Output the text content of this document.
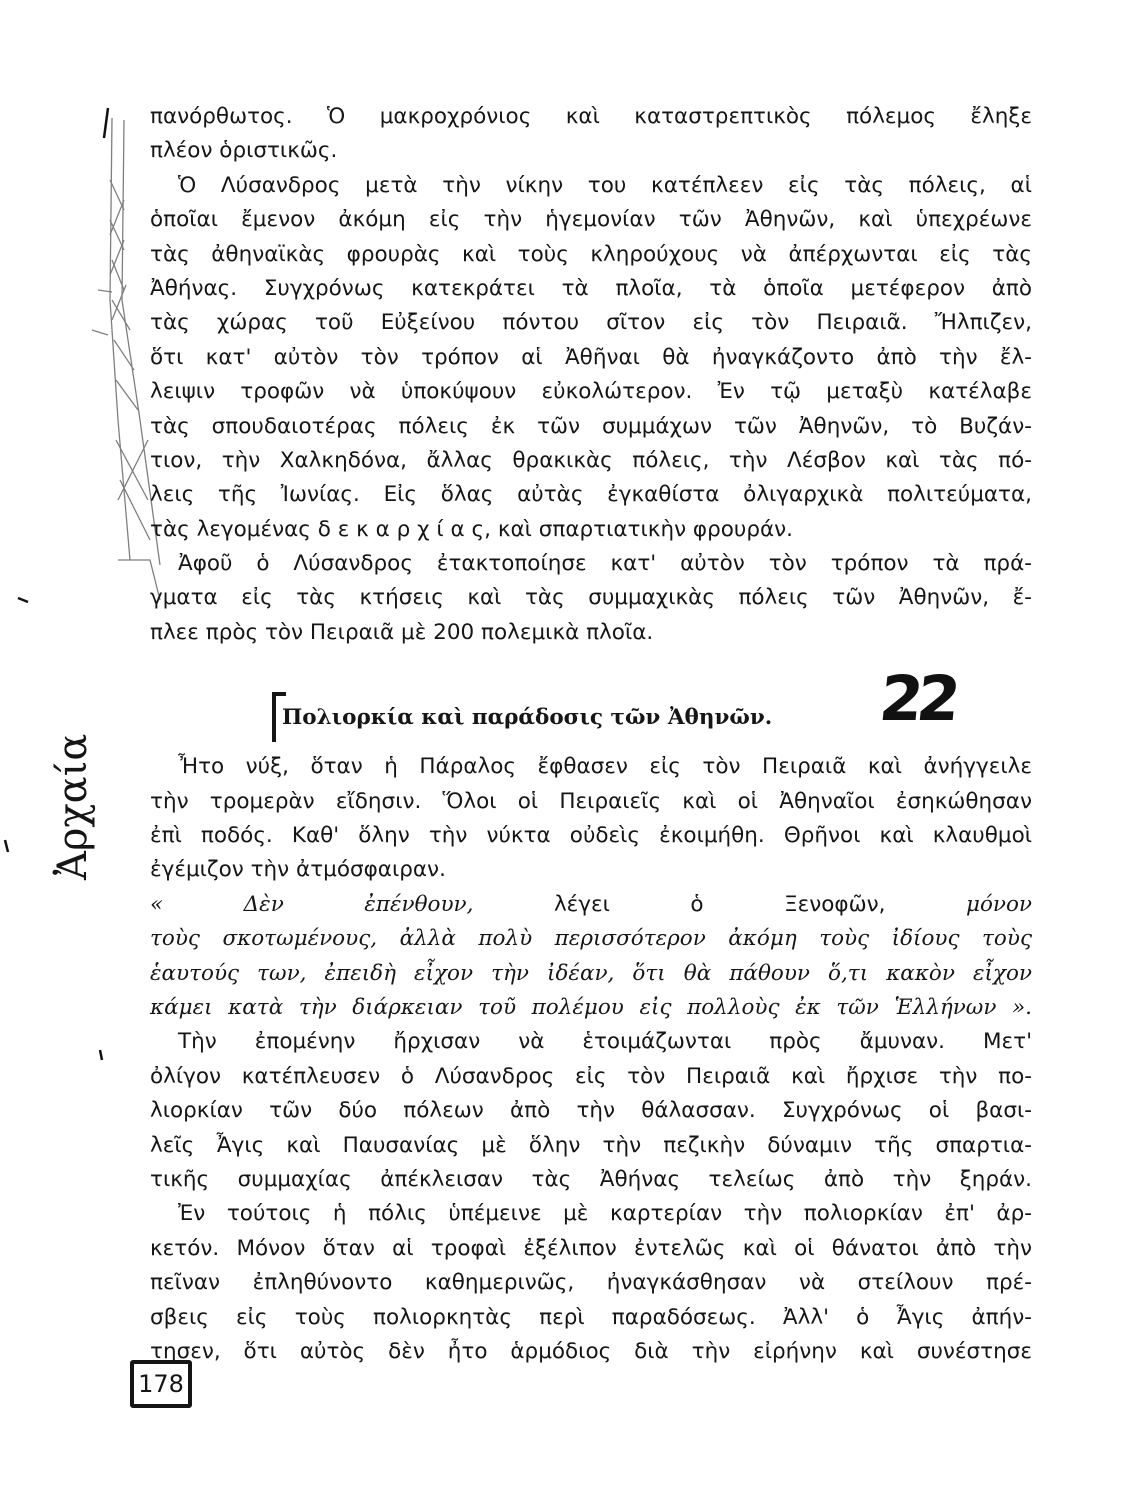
Ἀρχαία
πανόρθωτος. Ὁ μακροχρόνιος καὶ καταστρεπτικὸς πόλεμος ἔληξε
πλέον ὁριστικῶς.
Ὁ Λύσανδρος μετὰ τὴν νίκην του κατέπλεεν εἰς τὰς πόλεις, αἱ
ὁποῖαι ἔμενον ἀκόμη εἰς τὴν ἡγεμονίαν τῶν Ἀθηνῶν, καὶ ὑπεχρέωνε
τὰς ἀθηναϊκὰς φρουρὰς καὶ τοὺς κληρούχους νὰ ἀπέρχωνται εἰς τὰς
Ἀθήνας. Συγχρόνως κατεκράτει τὰ πλοῖα, τὰ ὁποῖα μετέφερον ἀπὸ
τὰς χώρας τοῦ Εὐξείνου πόντου σῖτον εἰς τὸν Πειραιᾶ. Ἤλπιζεν,
ὅτι κατ' αὐτὸν τὸν τρόπον αἱ Ἀθῆναι θὰ ἠναγκάζοντο ἀπὸ τὴν ἔλ-
λειψιν τροφῶν νὰ ὑποκύψουν εὐκολώτερον. Ἐν τῷ μεταξὺ κατέλαβε
τὰς σπουδαιοτέρας πόλεις ἐκ τῶν συμμάχων τῶν Ἀθηνῶν, τὸ Βυζάν-
τιον, τὴν Χαλκηδόνα, ἄλλας θρακικὰς πόλεις, τὴν Λέσβον καὶ τὰς πό-
λεις τῆς Ἰωνίας. Εἰς ὅλας αὐτὰς ἐγκαθίστα ὀλιγαρχικὰ πολιτεύματα,
τὰς λεγομένας δ ε κ α ρ χ ί α ς, καὶ σπαρτιατικὴν φρουράν.
Ἀφοῦ ὁ Λύσανδρος ἐτακτοποίησε κατ' αὐτὸν τὸν τρόπον τὰ πρά-
γματα εἰς τὰς κτήσεις καὶ τὰς συμμαχικὰς πόλεις τῶν Ἀθηνῶν, ἔ-
πλεε πρὸς τὸν Πειραιᾶ μὲ 200 πολεμικὰ πλοῖα.
Ἦτο νύξ, ὅταν ἡ Πάραλος ἔφθασεν εἰς τὸν Πειραιᾶ καὶ ἀνήγγειλε
τὴν τρομερὰν εἴδησιν. Ὅλοι οἱ Πειραιεῖς καὶ οἱ Ἀθηναῖοι ἐσηκώθησαν
ἐπὶ ποδός. Καθ' ὅλην τὴν νύκτα οὐδεὶς ἐκοιμήθη. Θρῆνοι καὶ κλαυθμοὶ
ἐγέμιζον τὴν ἀτμόσφαιραν.
« Δὲν ἐπένθουν, λέγει ὁ Ξενοφῶν, μόνον
τοὺς σκοτωμένους, ἀλλὰ πολὺ περισσότερον ἀκόμη τοὺς ἰδίους τοὺς
ἑαυτούς των, ἐπειδὴ εἶχον τὴν ἰδέαν, ὅτι θὰ πάθουν ὅ,τι κακὸν εἶχον
κάμει κατὰ τὴν διάρκειαν τοῦ πολέμου εἰς πολλοὺς ἐκ τῶν Ἑλλήνων ».
Τὴν ἐπομένην ἤρχισαν νὰ ἑτοιμάζωνται πρὸς ἄμυναν. Μετ'
ὀλίγον κατέπλευσεν ὁ Λύσανδρος εἰς τὸν Πειραιᾶ καὶ ἤρχισε τὴν πο-
λιορκίαν τῶν δύο πόλεων ἀπὸ τὴν θάλασσαν. Συγχρόνως οἱ βασι-
λεῖς Ἆγις καὶ Παυσανίας μὲ ὅλην τὴν πεζικὴν δύναμιν τῆς σπαρτια-
τικῆς συμμαχίας ἀπέκλεισαν τὰς Ἀθήνας τελείως ἀπὸ τὴν ξηράν.
Ἐν τούτοις ἡ πόλις ὑπέμεινε μὲ καρτερίαν τὴν πολιορκίαν ἐπ' ἀρ-
κετόν. Μόνον ὅταν αἱ τροφαὶ ἐξέλιπον ἐντελῶς καὶ οἱ θάνατοι ἀπὸ τὴν
πεῖναν ἐπληθύνοντο καθημερινῶς, ἠναγκάσθησαν νὰ στείλουν πρέ-
σβεις εἰς τοὺς πολιορκητὰς περὶ παραδόσεως. Ἀλλ' ὁ Ἆγις ἀπήν-
τησεν, ὅτι αὐτὸς δὲν ἦτο ἁρμόδιος διὰ τὴν εἰρήνην καὶ συνέστησε
Πολιορκία καὶ παράδοσις τῶν Ἀθηνῶν. 22
178
